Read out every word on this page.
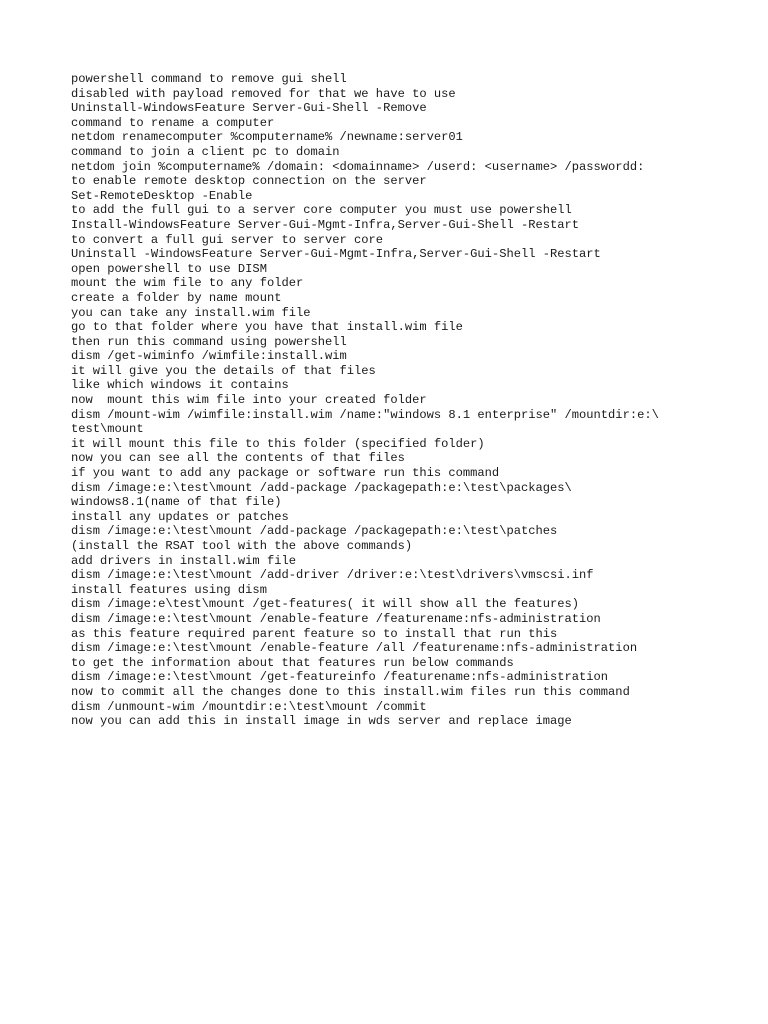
powershell command to remove gui shell
disabled with payload removed for that we have to use
Uninstall-WindowsFeature Server-Gui-Shell -Remove
command to rename a computer
netdom renamecomputer %computername% /newname:server01
command to join a client pc to domain
netdom join %computername% /domain: <domainname> /userd: <username> /passwordd:
to enable remote desktop connection on the server
Set-RemoteDesktop -Enable
to add the full gui to a server core computer you must use powershell
Install-WindowsFeature Server-Gui-Mgmt-Infra,Server-Gui-Shell -Restart
to convert a full gui server to server core
Uninstall -WindowsFeature Server-Gui-Mgmt-Infra,Server-Gui-Shell -Restart
open powershell to use DISM
mount the wim file to any folder
create a folder by name mount
you can take any install.wim file
go to that folder where you have that install.wim file
then run this command using powershell
dism /get-wiminfo /wimfile:install.wim
it will give you the details of that files
like which windows it contains
now  mount this wim file into your created folder
dism /mount-wim /wimfile:install.wim /name:"windows 8.1 enterprise" /mountdir:e:\
test\mount
it will mount this file to this folder (specified folder)
now you can see all the contents of that files
if you want to add any package or software run this command
dism /image:e:\test\mount /add-package /packagepath:e:\test\packages\
windows8.1(name of that file)
install any updates or patches
dism /image:e:\test\mount /add-package /packagepath:e:\test\patches
(install the RSAT tool with the above commands)
add drivers in install.wim file
dism /image:e:\test\mount /add-driver /driver:e:\test\drivers\vmscsi.inf
install features using dism
dism /image:e\test\mount /get-features( it will show all the features)
dism /image:e:\test\mount /enable-feature /featurename:nfs-administration
as this feature required parent feature so to install that run this
dism /image:e:\test\mount /enable-feature /all /featurename:nfs-administration
to get the information about that features run below commands
dism /image:e:\test\mount /get-featureinfo /featurename:nfs-administration
now to commit all the changes done to this install.wim files run this command
dism /unmount-wim /mountdir:e:\test\mount /commit
now you can add this in install image in wds server and replace image
